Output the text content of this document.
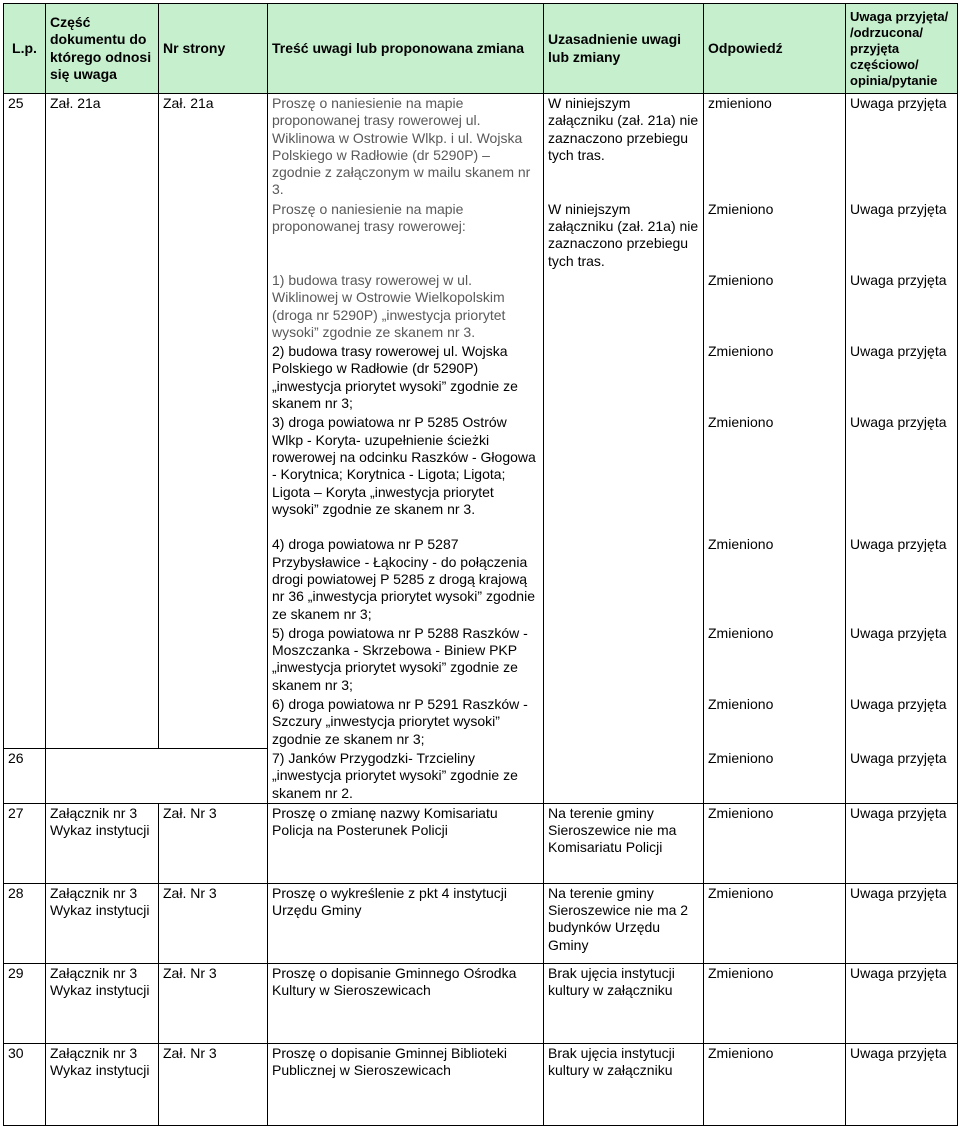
L.p.	Część dokumentu do którego odnosi się uwaga	Nr strony	Treść uwagi lub proponowana zmiana	Uzasadnienie uwagi lub zmiany	Odpowiedź	Uwaga przyjęta/ /odrzucona/ przyjęta częściowo/ opinia/pytanie
25	Zał. 21a	Zał. 21a	Proszę o naniesienie na mapie proponowanej trasy rowerowej ul. Wiklinowa w Ostrowie Wlkp. i ul. Wojska Polskiego w Radłowie (dr 5290P) – zgodnie z załączonym w mailu skanem nr 3.	W niniejszym załączniku (zał. 21a) nie zaznaczono przebiegu tych tras.	zmieniono	Uwaga przyjęta
			Proszę o naniesienie na mapie proponowanej trasy rowerowej:	W niniejszym załączniku (zał. 21a) nie zaznaczono przebiegu tych tras.	Zmieniono	Uwaga przyjęta
			1) budowa trasy rowerowej w ul. Wiklinowej w Ostrowie Wielkopolskim (droga nr 5290P) „inwestycja priorytet wysoki” zgodnie ze skanem nr 3.		Zmieniono	Uwaga przyjęta
			2) budowa trasy rowerowej ul. Wojska Polskiego w Radłowie (dr 5290P) „inwestycja priorytet wysoki” zgodnie ze skanem nr 3;		Zmieniono	Uwaga przyjęta
			3) droga powiatowa nr P 5285 Ostrów Wlkp - Koryta- uzupełnienie ścieżki rowerowej na odcinku Raszków - Głogowa - Korytnica; Korytnica - Ligota; Ligota; Ligota – Koryta „inwestycja priorytet wysoki” zgodnie ze skanem nr 3.		Zmieniono	Uwaga przyjęta
			4) droga powiatowa nr P 5287 Przybysławice - Łąkociny - do połączenia drogi powiatowej P 5285 z drogą krajową nr 36 „inwestycja priorytet wysoki” zgodnie ze skanem nr 3;		Zmieniono	Uwaga przyjęta
			5) droga powiatowa nr P 5288 Raszków - Moszczanka - Skrzebowa - Biniew PKP „inwestycja priorytet wysoki” zgodnie ze skanem nr 3;		Zmieniono	Uwaga przyjęta
			6) droga powiatowa nr P 5291 Raszków - Szczury „inwestycja priorytet wysoki” zgodnie ze skanem nr 3;		Zmieniono	Uwaga przyjęta
26			7) Janków Przygodzki- Trzcieliny „inwestycja priorytet wysoki” zgodnie ze skanem nr 2.		Zmieniono	Uwaga przyjęta
27	Załącznik nr 3 Wykaz instytucji	Zał. Nr 3	Proszę o zmianę nazwy Komisariatu Policja na Posterunek Policji	Na terenie gminy Sieroszewice nie ma Komisariatu Policji	Zmieniono	Uwaga przyjęta
28	Załącznik nr 3 Wykaz instytucji	Zał. Nr 3	Proszę o wykreślenie z pkt 4 instytucji Urzędu Gminy	Na terenie gminy Sieroszewice nie ma 2 budynków Urzędu Gminy	Zmieniono	Uwaga przyjęta
29	Załącznik nr 3 Wykaz instytucji	Zał. Nr 3	Proszę o dopisanie Gminnego Ośrodka Kultury w Sieroszewicach	Brak ujęcia instytucji kultury w załączniku	Zmieniono	Uwaga przyjęta
30	Załącznik nr 3 Wykaz instytucji	Zał. Nr 3	Proszę o dopisanie Gminnej Biblioteki Publicznej w Sieroszewicach	Brak ujęcia instytucji kultury w załączniku	Zmieniono	Uwaga przyjęta
